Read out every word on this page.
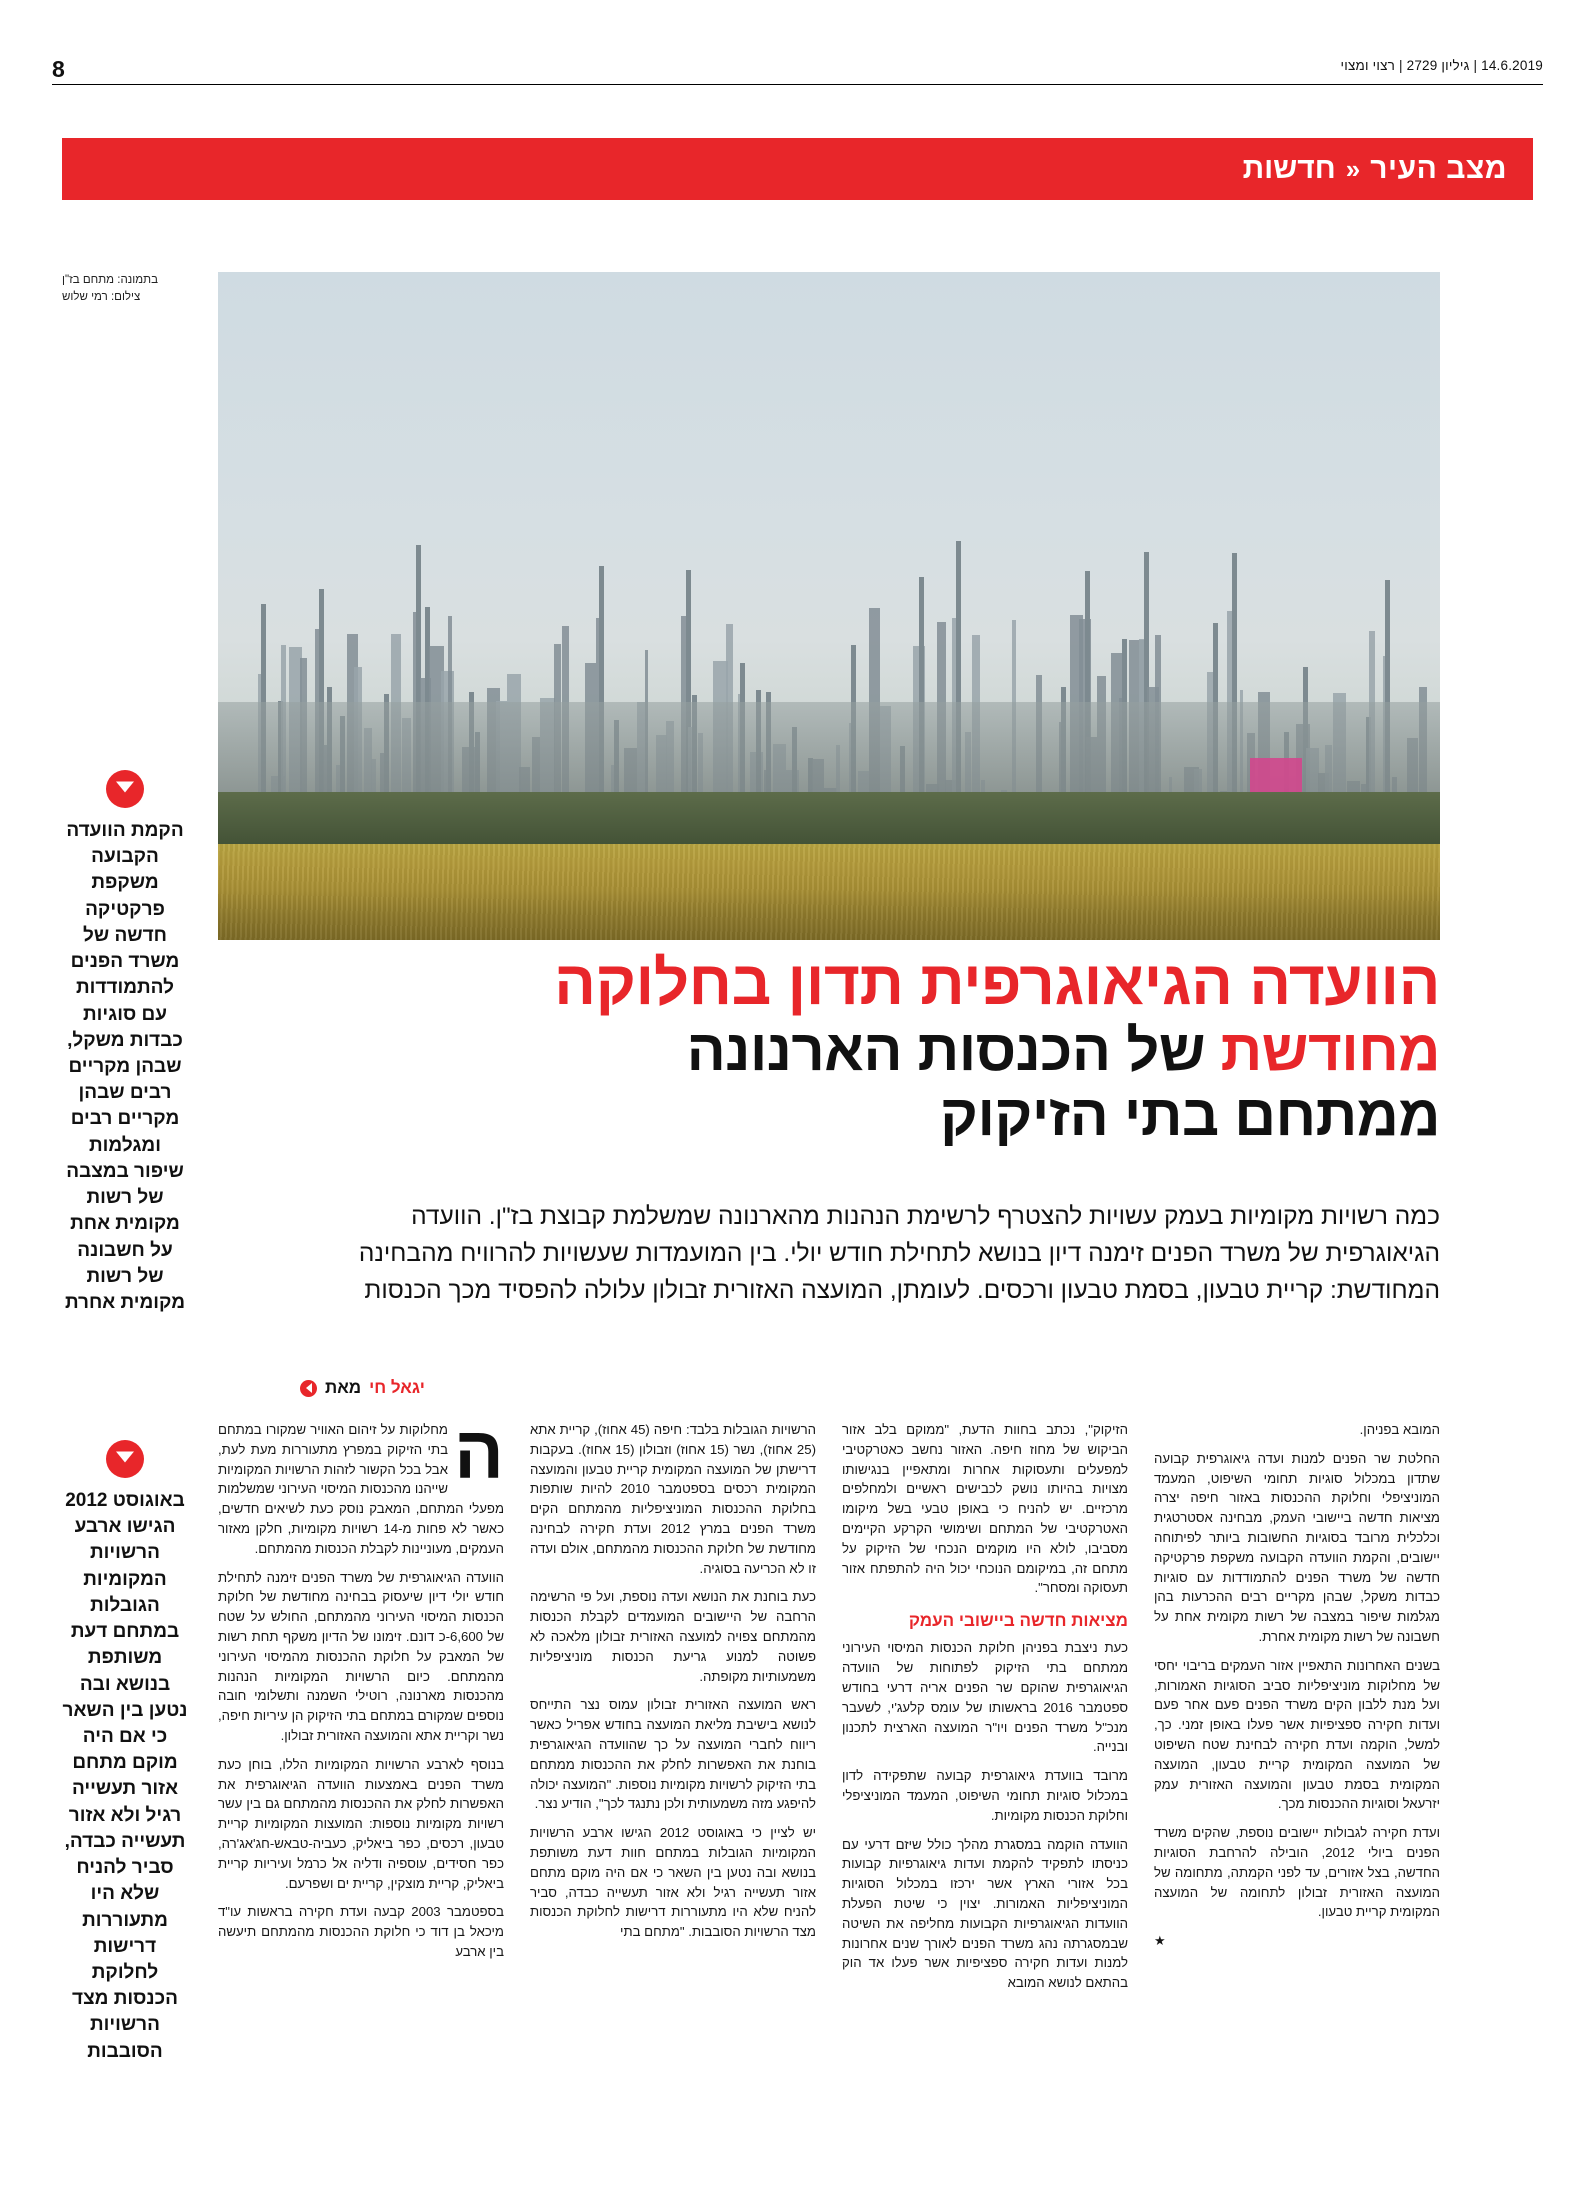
14.6.2019 | גיליון 2729 | רצוי ומצוי
8
מצב העיר
«
חדשות
בתמונה: מתחם בז"ן
צילום: רמי שלוש
הוועדה הגיאוגרפית תדון בחלוקה
מחודשת של הכנסות הארנונה
ממתחם בתי הזיקוק
כמה רשויות מקומיות בעמק עשויות להצטרף לרשימת הנהנות מהארנונה שמשלמת קבוצת בז"ן. הוועדה הגיאוגרפית של משרד הפנים זימנה דיון בנושא לתחילת חודש יולי. בין המועמדות שעשויות להרוויח מהבחינה המחודשת: קריית טבעון, בסמת טבעון ורכסים. לעומתן, המועצה האזורית זבולון עלולה להפסיד מכך הכנסות
מאת יגאל חי
הקמת הוועדה הקבועה משקפת פרקטיקה חדשה של משרד הפנים להתמודדות עם סוגיות כבדות משקל, שבהן מקריים רבים שבהן מקריים רבים ומגלמות שיפור במצבה של רשות מקומית אחת על חשבונה של רשות מקומית אחרת
באוגוסט 2012 הגישו ארבע הרשויות המקומיות הגובלות במתחם דעת משותפת בנושא ובה נטען בין השאר כי אם היה מוקם מתחם אזור תעשייה רגיל ולא אזור תעשייה כבדה, סביר להניח שלא היו מתעוררות דרישות לחלוקת הכנסות מצד הרשויות הסובבות

המחלוקות על זיהום האוויר שמקורו במתחם בתי הזיקוק במפרץ מתעוררות מעת לעת, אבל בכל הקשור לזהות הרשויות המקומיות שייהנו מהכנסות המיסוי העירוני שמשלמות מפעלי המתחם, המאבק נוסק כעת לשיאים חדשים, כאשר לא פחות מ-14 רשויות מקומיות, חלקן מאזור העמקים, מעוניינות לקבלת הכנסות מהמתחם.

הוועדה הגיאוגרפית של משרד הפנים זימנה לתחילת חודש יולי דיון שיעסוק בבחינה מחודשת של חלוקת הכנסות המיסוי העירוני מהמתחם, החולש על שטח של 6,600-כ דונם. זימונו של הדיון משקף תחת רשות של המאבק על חלוקת ההכנסות מהמיסוי העירוני מהמתחם. כיום הרשויות המקומיות הנהנות מהכנסות מארנונה, רוטילי השמנה ותשלומי חובה נוספים שמקורם במתחם בתי הזיקוק הן עיריות חיפה, נשר וקריית אתא והמועצה האזורית זבולון.

בנוסף לארבע הרשויות המקומיות הללו, בוחן כעת משרד הפנים באמצעות הוועדה הגיאוגרפית את האפשרות לחלק את ההכנסות מהמתחם גם בין עשר רשויות מקומיות נוספות: המועצות המקומיות קריית טבעון, רכסים, כפר ביאליק, כעביה-טבאש-חג'אג'רה, כפר חסידים, עוספיה ודליה אל כרמל ועיריות קריית ביאליק, קריית מוצקין, קריית ים ושפרעם.

בספטמבר 2003 קבעה ועדת חקירה בראשות עו"ד מיכאל בן דוד כי חלוקת ההכנסות מהמתחם תיעשה בין ארבע

הרשויות הגובלות בלבד: חיפה (45 אחוז), קריית אתא (25 אחוז), נשר (15 אחוז) וזבולון (15 אחוז). בעקבות דרישתן של המועצה המקומית קריית טבעון והמועצה המקומית רכסים בספטמבר 2010 להיות שותפות בחלוקת ההכנסות המוניציפליות מהמתחם הקים משרד הפנים במרץ 2012 ועדת חקירה לבחינה מחודשת של חלוקת ההכנסות מהמתחם, אולם ועדה זו לא הכריעה בסוגיה.

כעת בוחנת את הנושא ועדה נוספת, ועל פי הרשימה הרחבה של היישובים המועמדים לקבלת הכנסות מהמתחם צפויה למועצה האזורית זבולון מלאכה לא פשוטה למנוע גריעת הכנסות מוניציפליות משמעותיות מקופתה.

ראש המועצה האזורית זבולון עמוס נצר התייחס לנושא בישיבת מליאת המועצה בחודש אפריל כאשר ריווח לחברי המועצה על כך שהוועדה הגיאוגרפית בוחנת את האפשרות לחלק את ההכנסות ממתחם בתי הזיקוק לרשויות מקומיות נוספות. "המועצה יכולה להיפגע מזה משמעותית ולכן נתנגד לכך", הודיע נצר.

יש לציין כי באוגוסט 2012 הגישו ארבע הרשויות המקומיות הגובלות במתחם חוות דעת משותפת בנושא ובה נטען בין השאר כי אם היה מוקם מתחם אזור תעשייה רגיל ולא אזור תעשייה כבדה, סביר להניח שלא היו מתעוררות דרישות לחלוקת הכנסות מצד הרשויות הסובבות. "מתחם בתי

הזיקוק", נכתב בחוות הדעת, "ממוקם בלב אזור הביקוש של מחוז חיפה. האזור נחשב כאטרקטיבי למפעלים ותעסוקות אחרות ומתאפיין בנגישותו מצויות בהיותו נושק לכבישים ראשיים ולמחלפים מרכזיים. יש להניח כי באופן טבעי בשל מיקומו האטרקטיבי של המתחם ושימושי הקרקע הקיימים מסביבו, לולא היו מוקמים הנכחי של הזיקוק על מתחם זה, במיקומם הנוכחי יכול היה להתפתח אזור תעסוקה ומסחר".

מציאות חדשה ביישובי העמק

כעת ניצבת בפניהן חלוקת הכנסות המיסוי העירוני ממתחם בתי הזיקוק לפתוחות של הוועדה הגיאוגרפית שהוקם שר הפנים אריה דרעי בחודש ספטמבר 2016 בראשותו של עומס קלעג'י, לשעבר מנכ"ל משרד הפנים ויו"ר המועצה הארצית לתכנון ובנייה.

מרובד בוועדת גיאוגרפית קבועה שתפקידה לדון במכלול סוגיות תחומי השיפוט, המעמד המוניציפלי וחלוקת הכנסות מקומיות.

הוועדה הוקמה במסגרת מהלך כולל שיזם דרעי עם כניסתו לתפקיד להקמת ועדות גיאוגרפיות קבועות בכל אזורי הארץ אשר ירכזו במכלול הסוגיות המוניציפליות האמורות. יצוין כי שיטת הפעלת הוועדות הגיאוגרפיות הקבועות מחליפה את השיטה שבמסגרתה נהג משרד הפנים לאורך שנים אחרונות למנות ועדות חקירה ספציפיות אשר פעלו אד הוק בהתאם לנושא המובא

המובא בפניהן.

החלטת שר הפנים למנות ועדה גיאוגרפית קבועה שתדון במכלול סוגיות תחומי השיפוט, המעמד המוניציפלי וחלוקת ההכנסות באזור חיפה יצרה מציאות חדשה ביישובי העמק, מבחינה אסטרטגית וכלכלית מרובד בסוגיות החשובות ביותר לפיתוחה יישובים, והקמת הוועדה הקבועה משקפת פרקטיקה חדשה של משרד הפנים להתמודדות עם סוגיות כבדות משקל, שבהן מקריים רבים ההכרעות בהן מגלמות שיפור במצבה של רשות מקומית אחת על חשבונה של רשות מקומית אחרת.

בשנים האחרונות התאפיין אזור העמקים בריבוי יחסי של מחלוקות מוניציפליות סביב הסוגיות האמורות, ועל מנת ללבון הקים משרד הפנים פעם אחר פעם ועדות חקירה ספציפיות אשר פעלו באופן זמני. כך, למשל, הוקמה ועדת חקירה לבחינת שטח השיפוט של המועצה המקומית קריית טבעון, המועצה המקומית בסמת טבעון והמועצה האזורית עמק יזרעאל וסוגיות ההכנסות מכך.

ועדת חקירה לגבולות יישובים נוספת, שהקים משרד הפנים ביולי 2012, הובילה להרחבת הסוגיות החדשה, בצל אזורים, עד לפני הקמתה, מתחומה של המועצה האזורית זבולון לתחומה של המועצה המקומית קריית טבעון.

★
